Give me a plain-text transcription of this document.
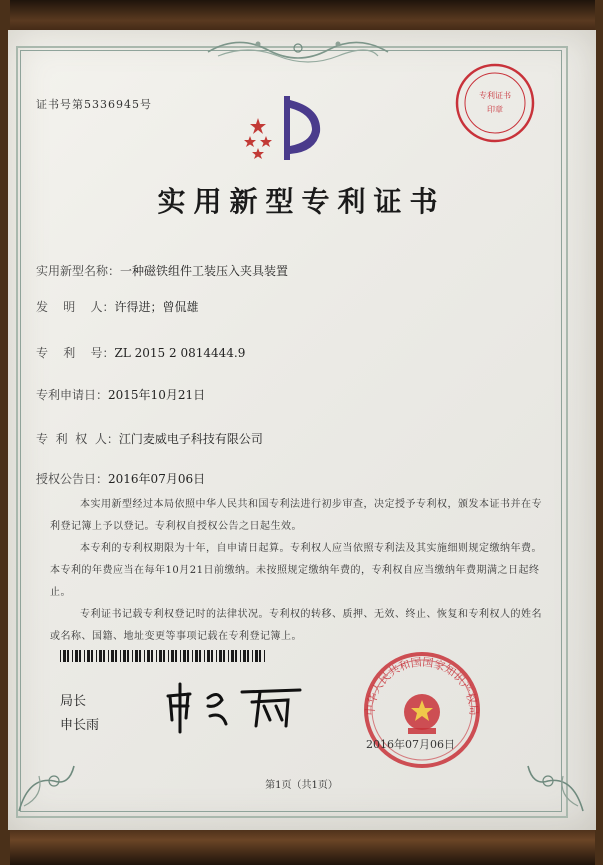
证书号第5336945号
专利证书
印章
实用新型专利证书
实用新型名称：一种磁铁组件工装压入夹具装置
发    明    人：许得进；曾侃雄
专    利    号：ZL 2015 2 0814444.9
专利申请日：2015年10月21日
专  利  权  人：江门麦威电子科技有限公司
授权公告日：2016年07月06日
本实用新型经过本局依照中华人民共和国专利法进行初步审查，决定授予专利权，颁发本证书并在专利登记簿上予以登记。专利权自授权公告之日起生效。
本专利的专利权期限为十年，自申请日起算。专利权人应当依照专利法及其实施细则规定缴纳年费。本专利的年费应当在每年10月21日前缴纳。未按照规定缴纳年费的，专利权自应当缴纳年费期满之日起终止。
专利证书记载专利权登记时的法律状况。专利权的转移、质押、无效、终止、恢复和专利权人的姓名或名称、国籍、地址变更等事项记载在专利登记簿上。
局长
申长雨
中华人民共和国国家知识产权局
2016年07月06日
第1页（共1页）
